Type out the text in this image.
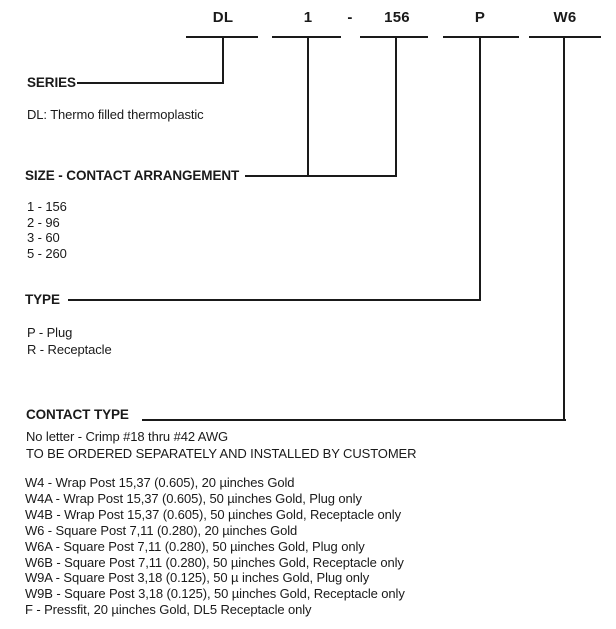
DL	1	-	156	P	W6
SERIES
DL: Thermo filled thermoplastic
SIZE - CONTACT ARRANGEMENT
1 - 156
2 - 96
3 - 60
5 - 260
TYPE
P - Plug
R - Receptacle
CONTACT TYPE
No letter - Crimp #18 thru #42 AWG
TO BE ORDERED SEPARATELY AND INSTALLED BY CUSTOMER
W4 - Wrap Post 15,37 (0.605), 20 µinches Gold
W4A - Wrap Post 15,37 (0.605), 50 µinches Gold, Plug only
W4B - Wrap Post 15,37 (0.605), 50 µinches Gold, Receptacle only
W6 - Square Post 7,11 (0.280), 20 µinches Gold
W6A - Square Post 7,11 (0.280), 50 µinches Gold, Plug only
W6B - Square Post 7,11 (0.280), 50 µinches Gold, Receptacle only
W9A - Square Post 3,18 (0.125), 50 µ inches Gold, Plug only
W9B - Square Post 3,18 (0.125), 50 µinches Gold, Receptacle only
F - Pressfit, 20 µinches Gold, DL5 Receptacle only
